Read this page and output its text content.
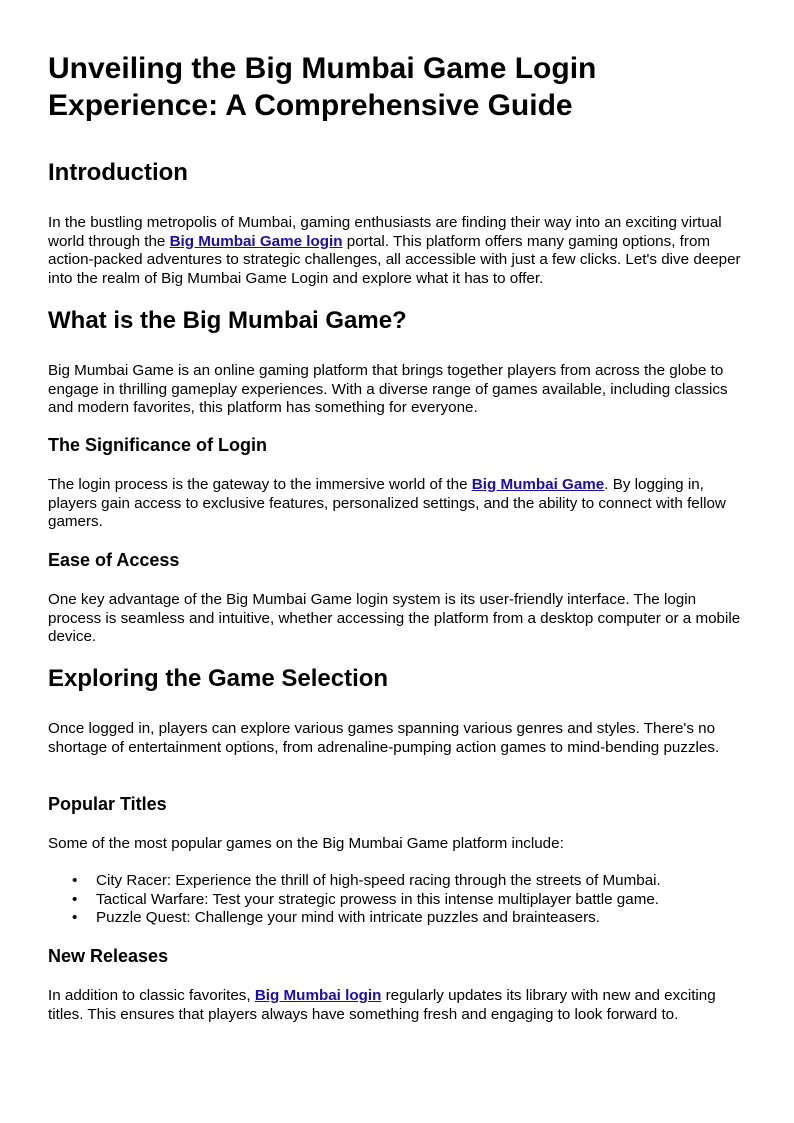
Unveiling the Big Mumbai Game Login Experience: A Comprehensive Guide
Introduction

In the bustling metropolis of Mumbai, gaming enthusiasts are finding their way into an exciting virtual world through the Big Mumbai Game login portal. This platform offers many gaming options, from action-packed adventures to strategic challenges, all accessible with just a few clicks. Let's dive deeper into the realm of Big Mumbai Game Login and explore what it has to offer.

What is the Big Mumbai Game?

Big Mumbai Game is an online gaming platform that brings together players from across the globe to engage in thrilling gameplay experiences. With a diverse range of games available, including classics and modern favorites, this platform has something for everyone.

The Significance of Login

The login process is the gateway to the immersive world of the Big Mumbai Game. By logging in, players gain access to exclusive features, personalized settings, and the ability to connect with fellow gamers.

Ease of Access

One key advantage of the Big Mumbai Game login system is its user-friendly interface. The login process is seamless and intuitive, whether accessing the platform from a desktop computer or a mobile device.

Exploring the Game Selection

Once logged in, players can explore various games spanning various genres and styles. There's no shortage of entertainment options, from adrenaline-pumping action games to mind-bending puzzles.

Popular Titles

Some of the most popular games on the Big Mumbai Game platform include:

• City Racer: Experience the thrill of high-speed racing through the streets of Mumbai.
• Tactical Warfare: Test your strategic prowess in this intense multiplayer battle game.
• Puzzle Quest: Challenge your mind with intricate puzzles and brainteasers.
New Releases

In addition to classic favorites, Big Mumbai login regularly updates its library with new and exciting titles. This ensures that players always have something fresh and engaging to look forward to.
